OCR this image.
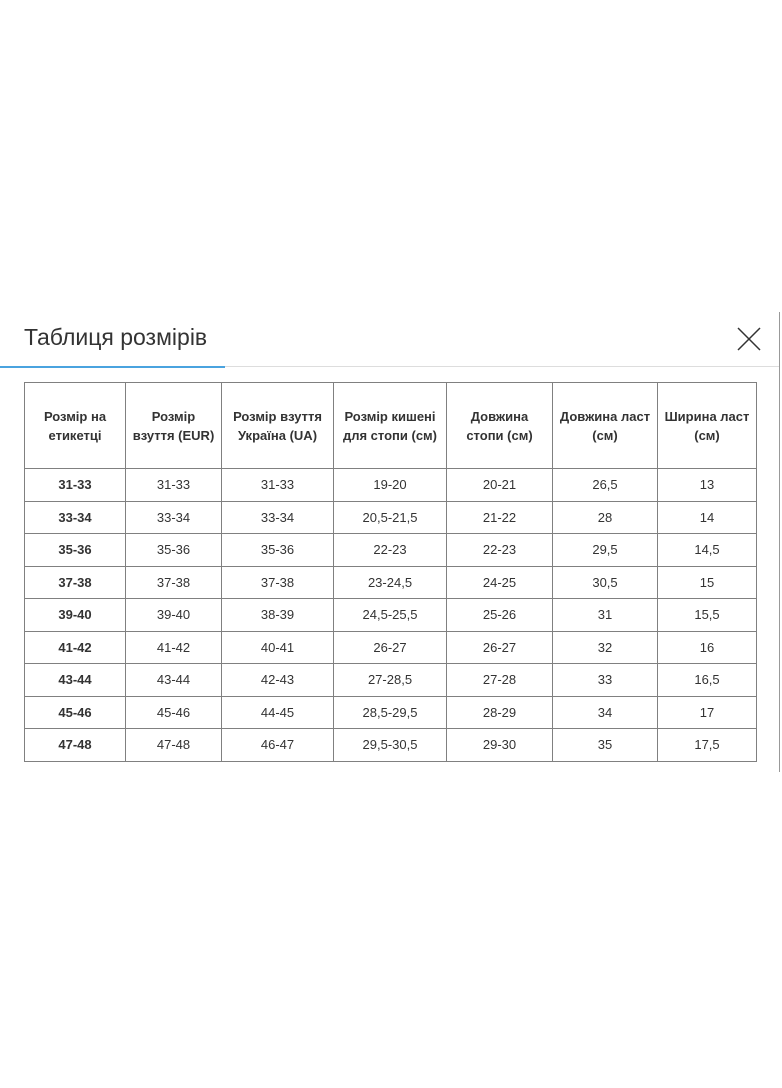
Таблиця розмірів
Розмір на етикетці	Розмір взуття (EUR)	Розмір взуття Україна (UA)	Розмір кишені для стопи (см)	Довжина стопи (см)	Довжина ласт (см)	Ширина ласт (см)
31-33	31-33	31-33	19-20	20-21	26,5	13
33-34	33-34	33-34	20,5-21,5	21-22	28	14
35-36	35-36	35-36	22-23	22-23	29,5	14,5
37-38	37-38	37-38	23-24,5	24-25	30,5	15
39-40	39-40	38-39	24,5-25,5	25-26	31	15,5
41-42	41-42	40-41	26-27	26-27	32	16
43-44	43-44	42-43	27-28,5	27-28	33	16,5
45-46	45-46	44-45	28,5-29,5	28-29	34	17
47-48	47-48	46-47	29,5-30,5	29-30	35	17,5
